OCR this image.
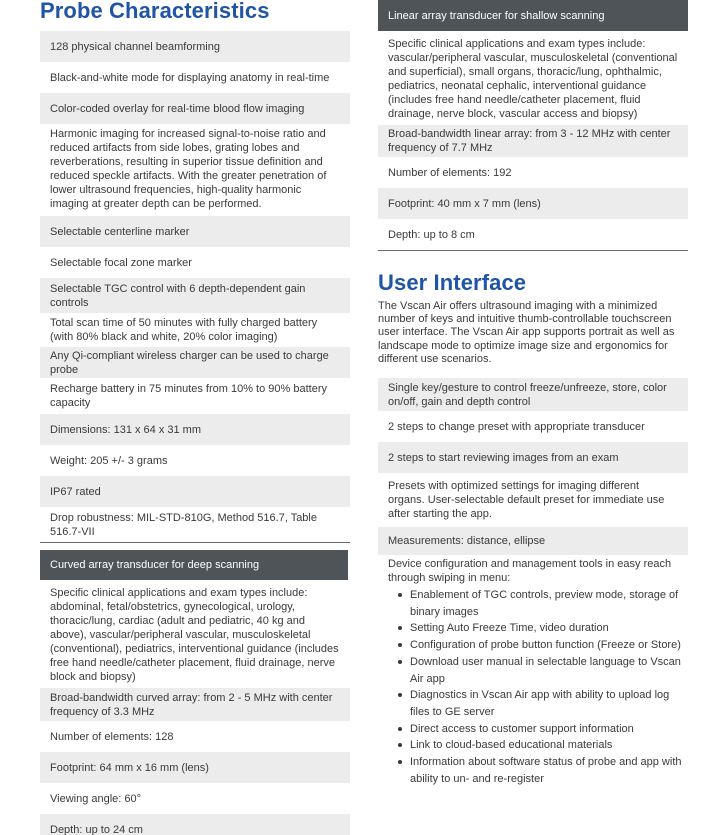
Probe Characteristics
128 physical channel beamforming
Black-and-white mode for displaying anatomy in real-time
Color-coded overlay for real-time blood flow imaging
Harmonic imaging for increased signal-to-noise ratio and reduced artifacts from side lobes, grating lobes and reverberations, resulting in superior tissue definition and reduced speckle artifacts. With the greater penetration of lower ultrasound frequencies, high-quality harmonic imaging at greater depth can be performed.
Selectable centerline marker
Selectable focal zone marker
Selectable TGC control with 6 depth-dependent gain controls
Total scan time of 50 minutes with fully charged battery (with 80% black and white, 20% color imaging)
Any Qi-compliant wireless charger can be used to charge probe
Recharge battery in 75 minutes from 10% to 90% battery capacity
Dimensions: 131 x 64 x 31 mm
Weight: 205 +/- 3 grams
IP67 rated
Drop robustness: MIL-STD-810G, Method 516.7, Table 516.7-VII
Curved array transducer for deep scanning
Specific clinical applications and exam types include: abdominal, fetal/obstetrics, gynecological, urology, thoracic/lung, cardiac (adult and pediatric, 40 kg and above), vascular/peripheral vascular, musculoskeletal (conventional), pediatrics, interventional guidance (includes free hand needle/catheter placement, fluid drainage, nerve block and biopsy)
Broad-bandwidth curved array: from 2 - 5 MHz with center frequency of 3.3 MHz
Number of elements: 128
Footprint: 64 mm x 16 mm (lens)
Viewing angle: 60°
Depth: up to 24 cm
Linear array transducer for shallow scanning
Specific clinical applications and exam types include: vascular/peripheral vascular, musculoskeletal (conventional and superficial), small organs, thoracic/lung, ophthalmic, pediatrics, neonatal cephalic, interventional guidance (includes free hand needle/catheter placement, fluid drainage, nerve block, vascular access and biopsy)
Broad-bandwidth linear array: from 3 - 12 MHz with center frequency of 7.7 MHz
Number of elements: 192
Footprint: 40 mm x 7 mm (lens)
Depth: up to 8 cm
User Interface
The Vscan Air offers ultrasound imaging with a minimized number of keys and intuitive thumb-controllable touchscreen user interface. The Vscan Air app supports portrait as well as landscape mode to optimize image size and ergonomics for different use scenarios.
Single key/gesture to control freeze/unfreeze, store, color on/off, gain and depth control
2 steps to change preset with appropriate transducer
2 steps to start reviewing images from an exam
Presets with optimized settings for imaging different organs. User-selectable default preset for immediate use after starting the app.
Measurements: distance, ellipse
Device configuration and management tools in easy reach through swiping in menu:
Enablement of TGC controls, preview mode, storage of binary images
Setting Auto Freeze Time, video duration
Configuration of probe button function (Freeze or Store)
Download user manual in selectable language to Vscan Air app
Diagnostics in Vscan Air app with ability to upload log files to GE server
Direct access to customer support information
Link to cloud-based educational materials
Information about software status of probe and app with ability to un- and re-register
